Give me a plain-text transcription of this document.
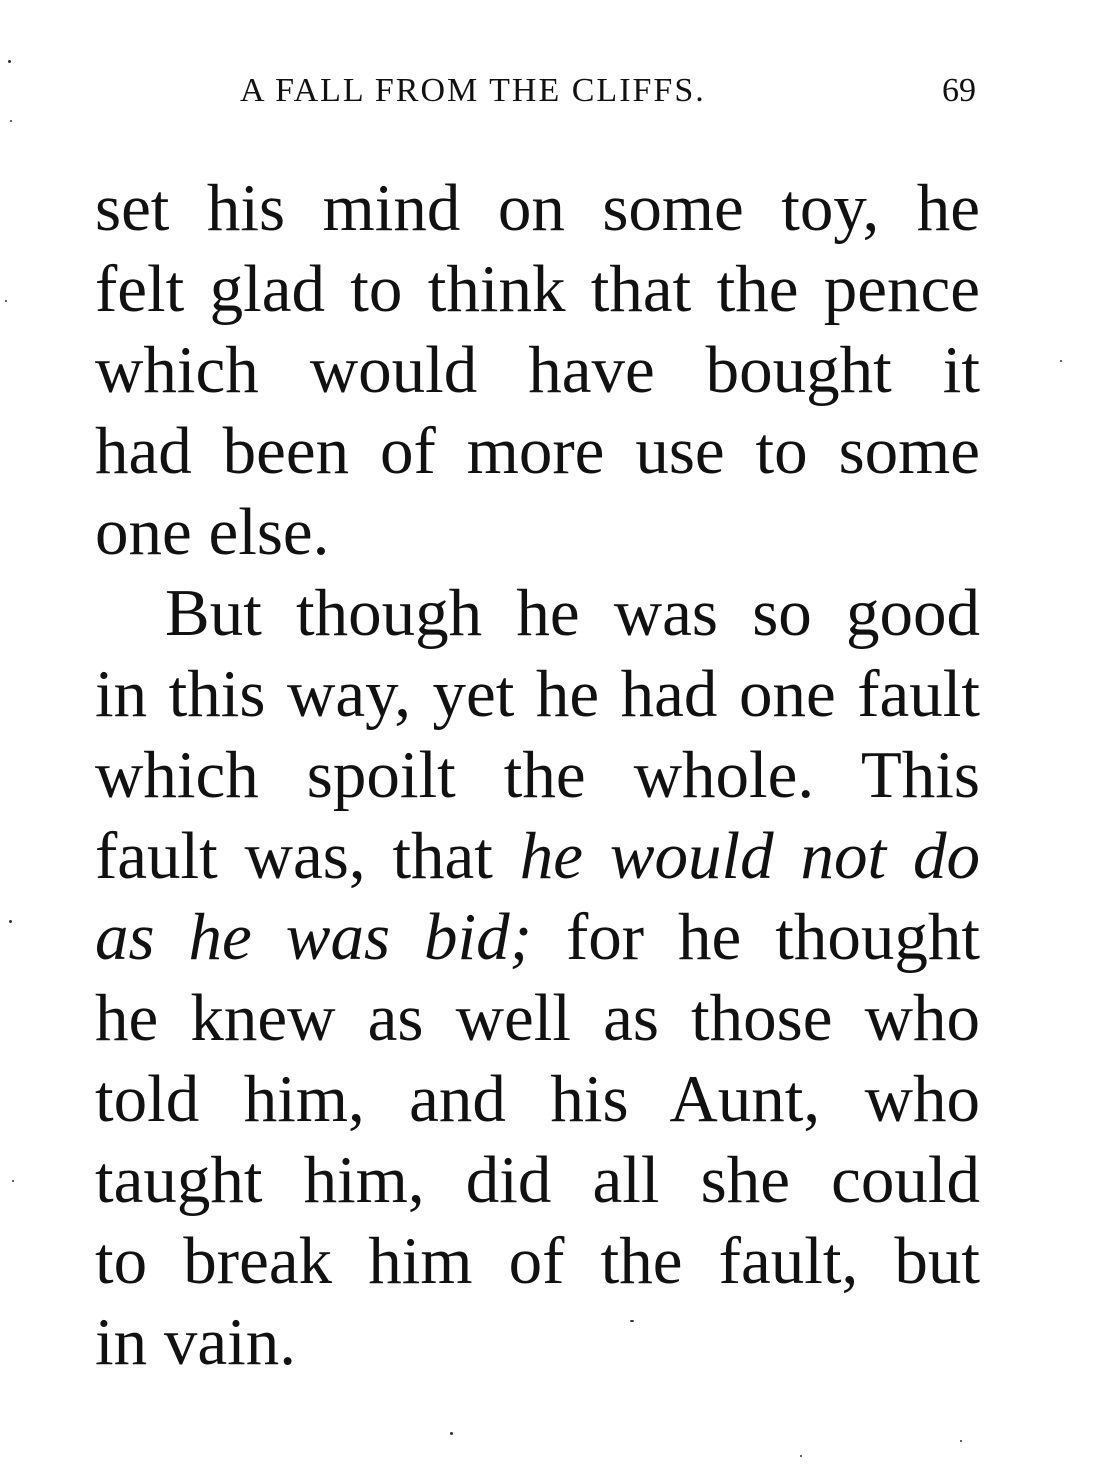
A FALL FROM THE CLIFFS.	69
set his mind on some toy, he
felt glad to think that the pence
which would have bought it
had been of more use to some
one else.
But though he was so good
in this way, yet he had one fault
which spoilt the whole. This
fault was, that he would not do
as he was bid; for he thought
he knew as well as those who
told him, and his Aunt, who
taught him, did all she could
to break him of the fault, but
in vain.
